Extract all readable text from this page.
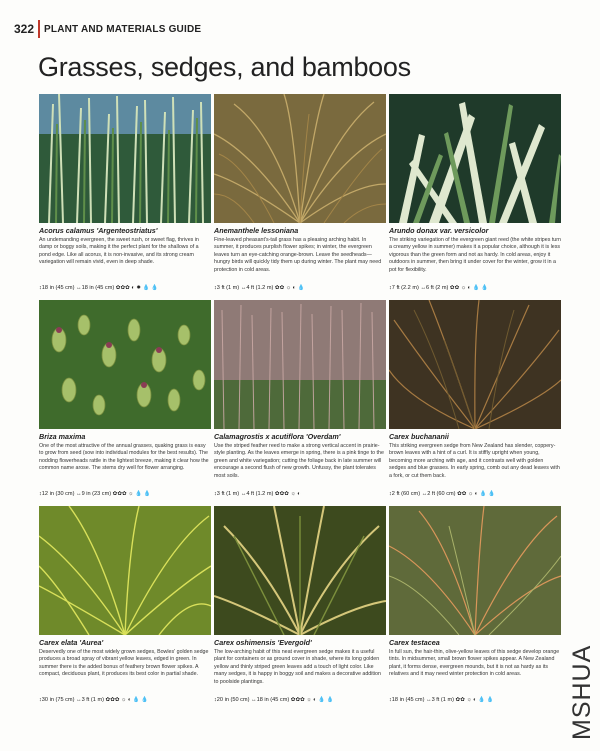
322 PLANT AND MATERIALS GUIDE
Grasses, sedges, and bamboos
Acorus calamus 'Argenteostriatus'
An undemanding evergreen, the sweet rush, or sweet flag, thrives in damp or boggy soils, making it the perfect plant for the shallows of a pond edge. Like all acorus, it is non-invasive, and its strong cream variegation will remain vivid, even in deep shade.
↕18 in (45 cm) ↔18 in (45 cm) ✿✿✿ ◐ ✹ 💧 💧
Anemanthele lessoniana
Fine-leaved pheasant's-tail grass has a pleasing arching habit. In summer, it produces purplish flower spikes; in winter, the evergreen leaves turn an eye-catching orange-brown. Leave the seedheads—hungry birds will quickly tidy them up during winter. The plant may need protection in cold areas.
↕3 ft (1 m) ↔4 ft (1.2 m) ✿✿ ☼ ◐ 💧
Arundo donax var. versicolor
The striking variegation of the evergreen giant reed (the white stripes turn a creamy yellow in summer) makes it a popular choice, although it is less vigorous than the green form and not as hardy. In cold areas, enjoy it outdoors in summer, then bring it under cover for the winter, grow it in a pot for flexibility.
↕7 ft (2.2 m) ↔6 ft (2 m) ✿✿ ☼ ◐ 💧 💧
Briza maxima
One of the most attractive of the annual grasses, quaking grass is easy to grow from seed (sow into individual modules for the best results). The nodding flowerheads rattle in the lightest breeze, making it clear how the common name arose. The stems dry well for flower arranging.
↕12 in (30 cm) ↔9 in (23 cm) ✿✿✿ ☼ 💧 💧
Calamagrostis x acutiflora 'Overdam'
Use the striped feather reed to make a strong vertical accent in prairie-style planting. As the leaves emerge in spring, there is a pink tinge to the green and white variegation; cutting the foliage back in late summer will encourage a second flush of new growth. Unfussy, the plant tolerates most soils.
↕3 ft (1 m) ↔4 ft (1.2 m) ✿✿✿ ☼ ◐
Carex buchananii
This striking evergreen sedge from New Zealand has slender, coppery-brown leaves with a hint of a curl. It is stiffly upright when young, becoming more arching with age, and it contrasts well with golden sedges and blue grasses. In early spring, comb out any dead leaves with a fork, or cut them back.
↕2 ft (60 cm) ↔2 ft (60 cm) ✿✿ ☼ ◐ 💧 💧
Carex elata 'Aurea'
Deservedly one of the most widely grown sedges, Bowles' golden sedge produces a broad spray of vibrant yellow leaves, edged in green. In summer there is the added bonus of feathery brown flower spikes. A compact, deciduous plant, it produces its best color in partial shade.
↕30 in (75 cm) ↔3 ft (1 m) ✿✿✿ ☼ ◐ 💧 💧
Carex oshimensis 'Evergold'
The low-arching habit of this neat evergreen sedge makes it a useful plant for containers or as ground cover in shade, where its long golden yellow and thinly striped green leaves add a touch of light color. Like many sedges, it is happy in boggy soil and makes a decorative addition to poolside plantings.
↕20 in (50 cm) ↔18 in (45 cm) ✿✿✿ ☼ ◐ 💧 💧
Carex testacea
In full sun, the hair-thin, olive-yellow leaves of this sedge develop orange tints. In midsummer, small brown flower spikes appear. A New Zealand plant, it forms dense, evergreen mounds, but it is not as hardy as its relatives and it may need winter protection in cold areas.
↕18 in (45 cm) ↔3 ft (1 m) ✿✿ ☼ ◐ 💧 💧	MSHUA
